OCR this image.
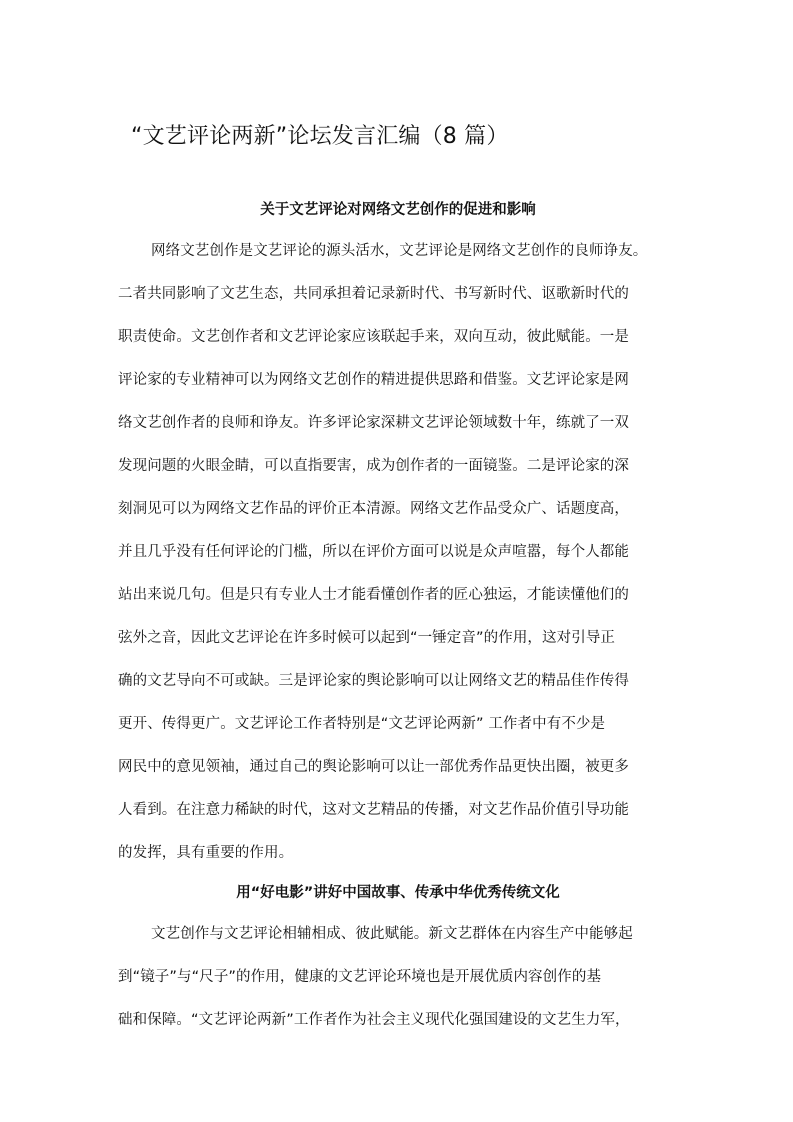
“文艺评论两新”论坛发言汇编（8 篇）
关于文艺评论对网络文艺创作的促进和影响
网络文艺创作是文艺评论的源头活水，文艺评论是网络文艺创作的良师诤友。
二者共同影响了文艺生态，共同承担着记录新时代、书写新时代、讴歌新时代的
职责使命。文艺创作者和文艺评论家应该联起手来，双向互动，彼此赋能。一是
评论家的专业精神可以为网络文艺创作的精进提供思路和借鉴。文艺评论家是网
络文艺创作者的良师和诤友。许多评论家深耕文艺评论领域数十年，练就了一双
发现问题的火眼金睛，可以直指要害，成为创作者的一面镜鉴。二是评论家的深
刻洞见可以为网络文艺作品的评价正本清源。网络文艺作品受众广、话题度高，
并且几乎没有任何评论的门槛，所以在评价方面可以说是众声喧嚣，每个人都能
站出来说几句。但是只有专业人士才能看懂创作者的匠心独运，才能读懂他们的
弦外之音，因此文艺评论在许多时候可以起到“一锤定音”的作用，这对引导正
确的文艺导向不可或缺。三是评论家的舆论影响可以让网络文艺的精品佳作传得
更开、传得更广。文艺评论工作者特别是“文艺评论两新” 工作者中有不少是
网民中的意见领袖，通过自己的舆论影响可以让一部优秀作品更快出圈，被更多
人看到。在注意力稀缺的时代，这对文艺精品的传播，对文艺作品价值引导功能
的发挥，具有重要的作用。
用“好电影”讲好中国故事、传承中华优秀传统文化
文艺创作与文艺评论相辅相成、彼此赋能。新文艺群体在内容生产中能够起
到“镜子”与“尺子”的作用，健康的文艺评论环境也是开展优质内容创作的基
础和保障。“文艺评论两新”工作者作为社会主义现代化强国建设的文艺生力军，
